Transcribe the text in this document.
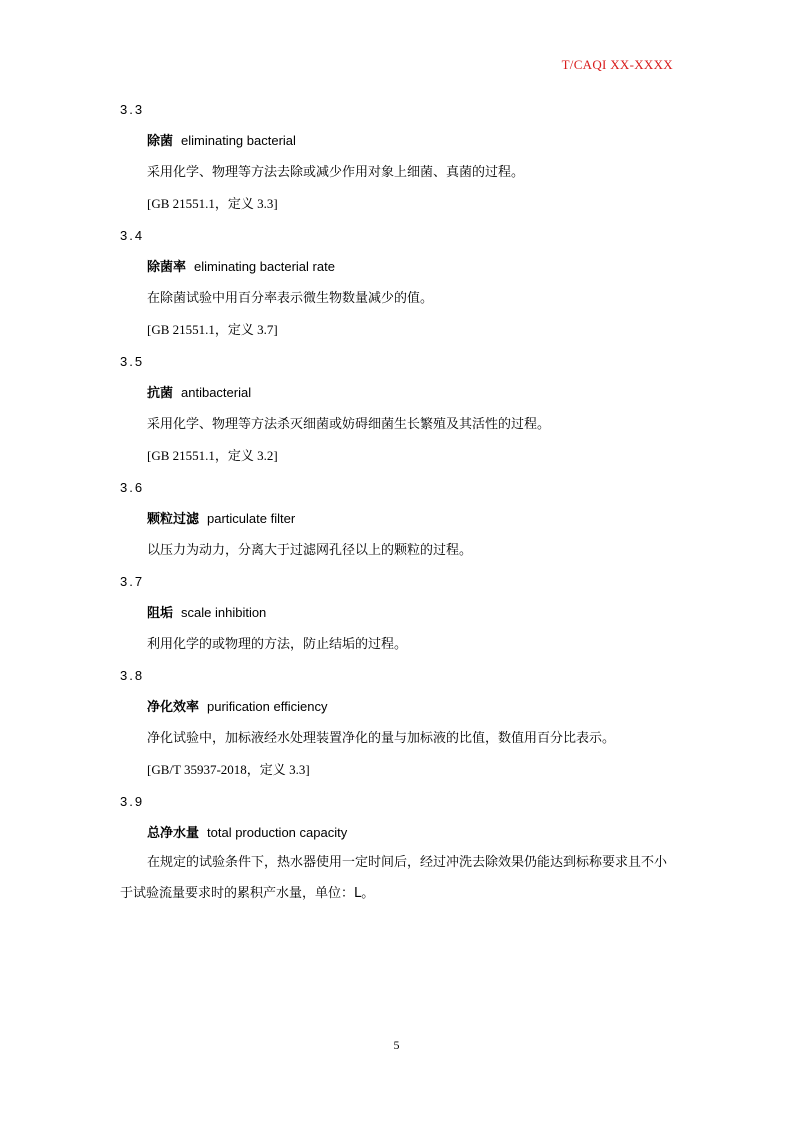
T/CAQI XX-XXXX
3.3
除菌 eliminating bacterial
采用化学、物理等方法去除或减少作用对象上细菌、真菌的过程。
[GB 21551.1，定义 3.3]
3.4
除菌率 eliminating bacterial rate
在除菌试验中用百分率表示微生物数量减少的值。
[GB 21551.1，定义 3.7]
3.5
抗菌 antibacterial
采用化学、物理等方法杀灭细菌或妨碍细菌生长繁殖及其活性的过程。
[GB 21551.1，定义 3.2]
3.6
颗粒过滤 particulate filter
以压力为动力，分离大于过滤网孔径以上的颗粒的过程。
3.7
阻垢 scale inhibition
利用化学的或物理的方法，防止结垢的过程。
3.8
净化效率 purification efficiency
净化试验中，加标液经水处理装置净化的量与加标液的比值，数值用百分比表示。
[GB/T 35937-2018，定义 3.3]
3.9
总净水量 total production capacity
在规定的试验条件下，热水器使用一定时间后，经过冲洗去除效果仍能达到标称要求且不小于试验流量要求时的累积产水量，单位：L。
5
